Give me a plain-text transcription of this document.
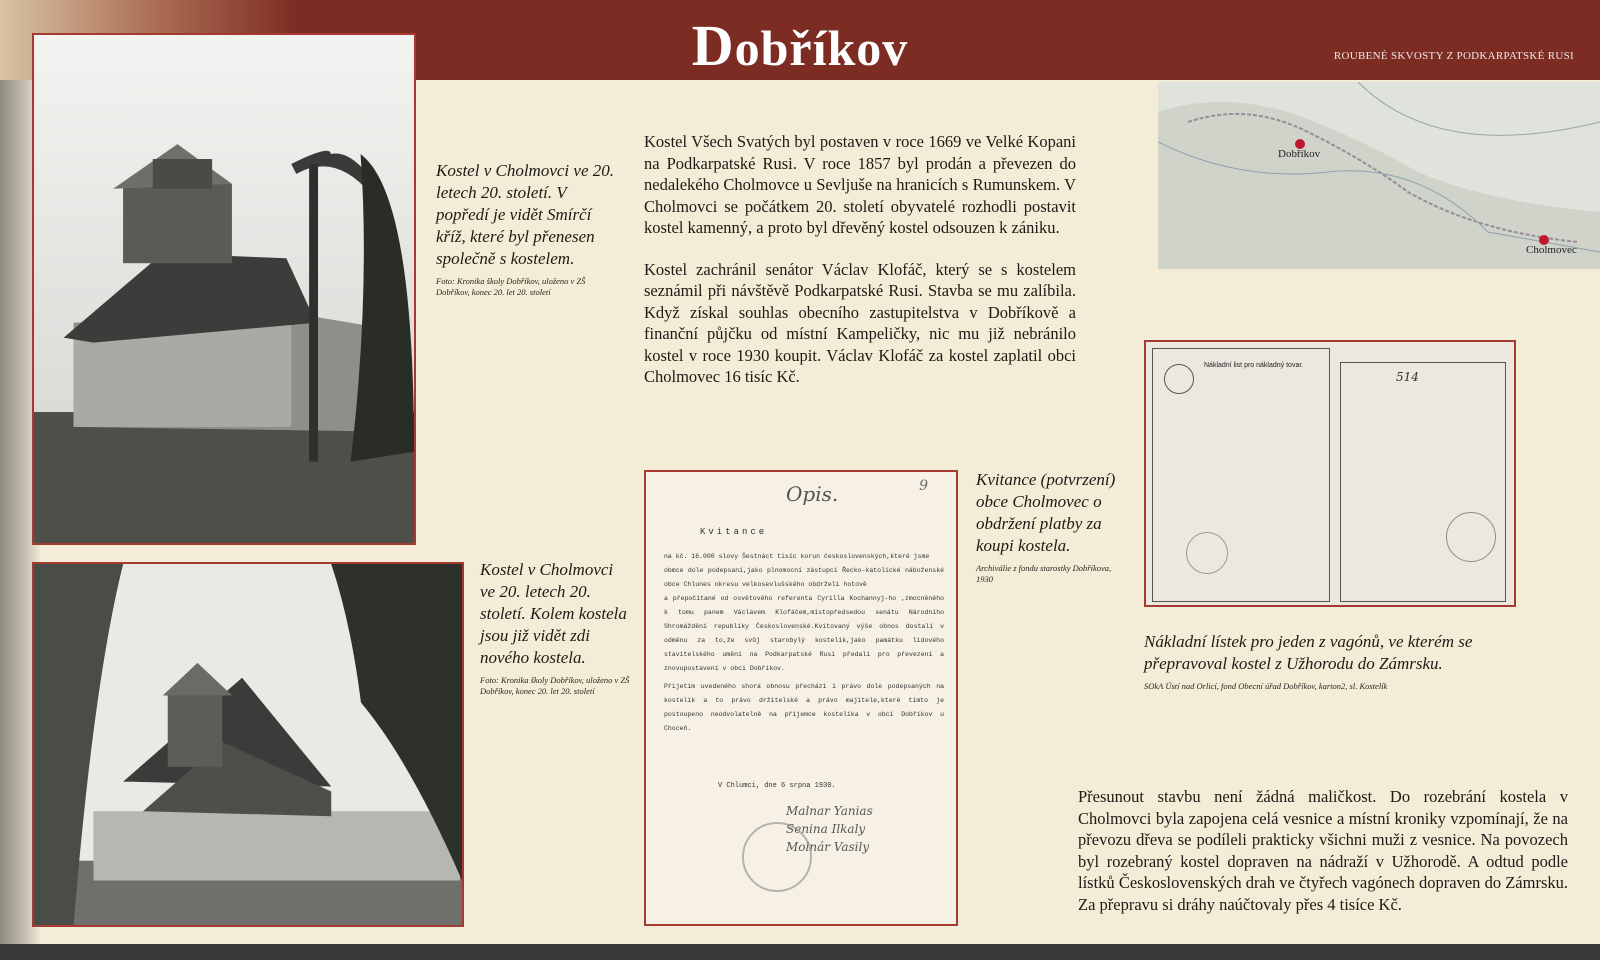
Dobříkov	ROUBENÉ SKVOSTY Z PODKARPATSKÉ RUSI
Kostel v Cholmovci ve 20. letech 20. století. V popředí je vidět Smírčí kříž, které byl přenesen společně s kostelem.
Foto: Kronika školy Dobříkov, uloženo v ZŠ Dobříkov, konec 20. let 20. století
Kostel v Cholmovci ve 20. letech 20. století. Kolem kostela jsou již vidět zdi nového kostela.
Foto: Kronika školy Dobříkov, uloženo v ZŠ Dobříkov, konec 20. let 20. století
Kostel Všech Svatých byl postaven v roce 1669 ve Velké Kopani na Podkarpatské Rusi. V roce 1857 byl prodán a převezen do nedalekého Cholmovce u Sevljuše na hranicích s Rumunskem. V Cholmovci se počátkem 20. století obyvatelé rozhodli postavit kostel kamenný, a proto byl dřevěný kostel odsouzen k zániku.
Kostel zachránil senátor Václav Klofáč, který se s kostelem seznámil při návštěvě Podkarpatské Rusi. Stavba se mu zalíbila. Když získal souhlas obecního zastupitelstva v Dobříkově a finanční půjčku od místní Kampeličky, nic mu již nebránilo kostel v roce 1930 koupit. Václav Klofáč za kostel zaplatil obci Cholmovec 16 tisíc Kč.
Dobříkov
Cholmovec
Opis.	9
Kvitance
na kč. 16.000 slovy Šestnáct tisíc korun československých,které jsme
obmce dole podepsaní,jako plnomocní zástupci Řecko-katolické náboženské obce Chlunes okresu velkosevlušského obdrželi hotově
a přepočítané od osvětového referenta Cyrilla Kochannyj-ho ,zmocněného k tomu panem Václavem Klofáčem,místopředsedou senátu Národního Shromáždění republiky Československé.Kvitovaný výše obnos dostali v odměnu za to,že svůj starobylý kostelík,jako památku lidového stavitelského umění na Podkarpatské Rusi předali pro převezení a znovupostavení v obci Dobříkov.
Přijetím uvedeného shora obnosu přechází i právo dole podepsaných na kostelík a to právo držitelské a právo majitele,které tímto je postoupeno neodvolatelně na příjemce kostelíka v obci Dobříkov u Choceň.
V Chlumci, dne 6 srpna 1930.
Malnar Yanias
Senina Ilkaly
Molnár Vasily
Kvitance (potvrzení) obce Cholmovec o obdržení platby za koupi kostela.
Archiválie z fondu starostky Dobříkova, 1930
Nákladní list pro nákladný tovar.
514
Nákladní lístek pro jeden z vagónů, ve kterém se přepravoval kostel z Užhorodu do Zámrsku.
SOkA Ústí nad Orlicí, fond Obecní úřad Dobříkov, karton2, sl. Kostelík
Přesunout stavbu není žádná maličkost. Do rozebrání kostela v Cholmovci byla zapojena celá vesnice a místní kroniky vzpomínají, že na převozu dřeva se podíleli prakticky všichni muži z vesnice. Na povozech byl rozebraný kostel dopraven na nádraží v Užhorodě. A odtud podle lístků Československých drah ve čtyřech vagónech dopraven do Zámrsku. Za přepravu si dráhy naúčtovaly přes 4 tisíce Kč.
